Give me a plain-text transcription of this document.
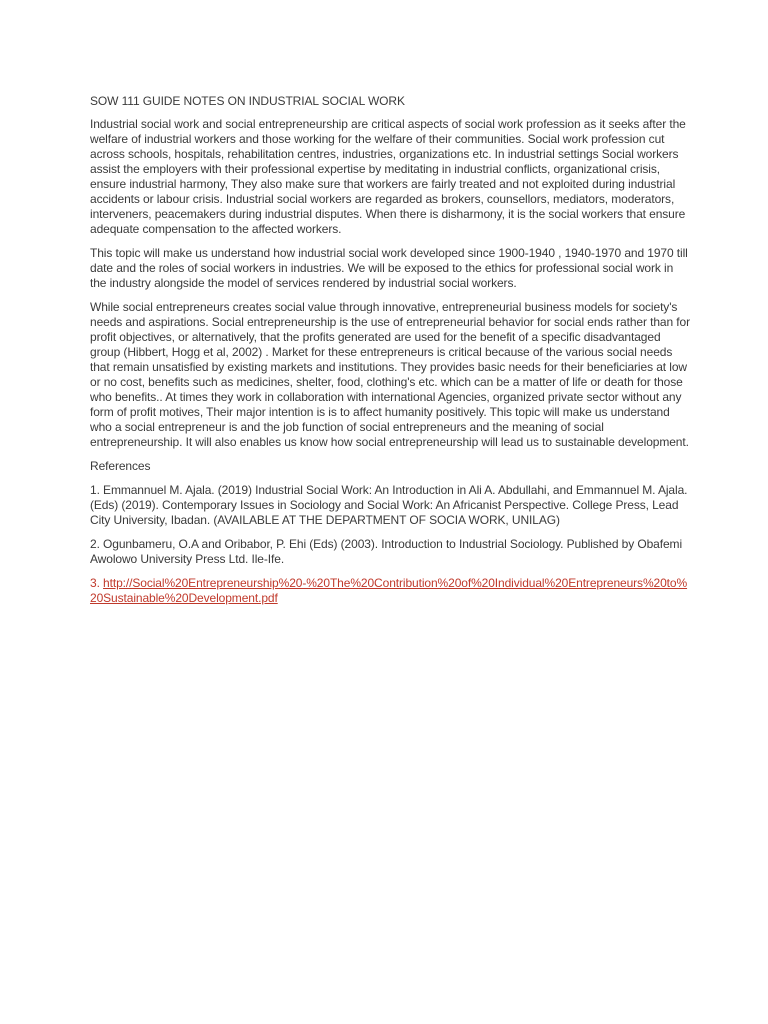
SOW 111 GUIDE NOTES ON INDUSTRIAL SOCIAL WORK

Industrial social work and social entrepreneurship are critical aspects of social work profession as it seeks after the welfare of industrial workers and those working for the welfare of their communities. Social work profession cut across schools, hospitals, rehabilitation centres, industries, organizations etc. In industrial settings Social workers assist the employers with their professional expertise by meditating in industrial conflicts, organizational crisis, ensure industrial harmony, They also make sure that workers are fairly treated and not exploited during industrial accidents or labour crisis. Industrial social workers are regarded as brokers, counsellors, mediators, moderators, interveners, peacemakers during industrial disputes. When there is disharmony, it is the social workers that ensure adequate compensation to the affected workers.

This topic will make us understand how industrial social work developed since 1900-1940 , 1940-1970 and 1970 till date and the roles of social workers in industries. We will be exposed to the ethics for professional social work in the industry alongside the model of services rendered by industrial social workers.

While social entrepreneurs creates social value through innovative, entrepreneurial business models for society's needs and aspirations. Social entrepreneurship is the use of entrepreneurial behavior for social ends rather than for profit objectives, or alternatively, that the profits generated are used for the benefit of a specific disadvantaged group (Hibbert, Hogg et al, 2002) . Market for these entrepreneurs is critical because of the various social needs that remain unsatisfied by existing markets and institutions. They provides basic needs for their beneficiaries at low or no cost, benefits such as medicines, shelter, food, clothing's etc. which can be a matter of life or death for those who benefits.. At times they work in collaboration with international Agencies, organized private sector without any form of profit motives, Their major intention is is to affect humanity positively. This topic will make us understand who a social entrepreneur is and the job function of social entrepreneurs and the meaning of social entrepreneurship. It will also enables us know how social entrepreneurship will lead us to sustainable development.

References

1. Emmannuel M. Ajala. (2019) Industrial Social Work: An Introduction in Ali A. Abdullahi, and Emmannuel M. Ajala. (Eds) (2019). Contemporary Issues in Sociology and Social Work: An Africanist Perspective. College Press, Lead City University, Ibadan. (AVAILABLE AT THE DEPARTMENT OF SOCIA WORK, UNILAG)

2. Ogunbameru, O.A and Oribabor, P. Ehi (Eds) (2003). Introduction to Industrial Sociology. Published by Obafemi Awolowo University Press Ltd. Ile-Ife.

3. http://Social%20Entrepreneurship%20-%20The%20Contribution%20of%20Individual%20Entrepreneurs%20to%20Sustainable%20Development.pdf
